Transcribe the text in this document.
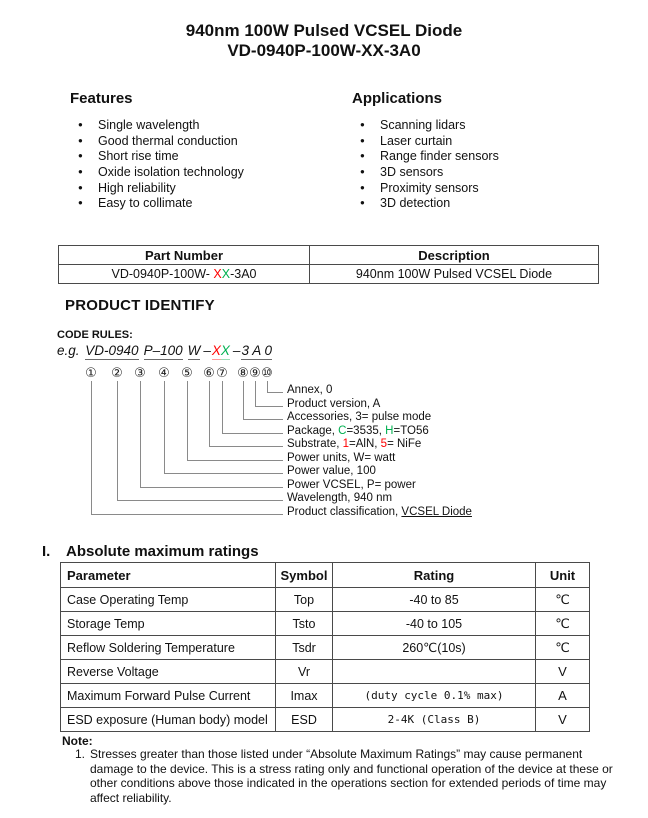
940nm 100W Pulsed VCSEL Diode
VD-0940P-100W-XX-3A0
Features	Applications
●	Single wavelength
●	Good thermal conduction
●	Short rise time
●	Oxide isolation technology
●	High reliability
●	Easy to collimate
●	Scanning lidars
●	Laser curtain
●	Range finder sensors
●	3D sensors
●	Proximity sensors
●	3D detection
Part Number	Description
VD-0940P-100W- XX-3A0	940nm 100W Pulsed VCSEL Diode
PRODUCT IDENTIFY
CODE RULES:
e.g. VD-0940 P–100 W –XX –3 A 0
① ② ③ ④ ⑤ ⑥ ⑦ ⑧ ⑨ ⑩
Annex, 0
Product version, A
Accessories, 3= pulse mode
Package, C=3535, H=TO56
Substrate, 1=AlN, 5= NiFe
Power units, W= watt
Power value, 100
Power VCSEL, P= power
Wavelength, 940 nm
Product classification, VCSEL Diode
I. Absolute maximum ratings
Parameter	Symbol	Rating	Unit
Case Operating Temp	Top	-40 to 85	℃
Storage Temp	Tsto	-40 to 105	℃
Reflow Soldering Temperature	Tsdr	260℃(10s)	℃
Reverse Voltage	Vr		V
Maximum Forward Pulse Current	Imax	(duty cycle 0.1% max)	A
ESD exposure (Human body) model	ESD	2-4K (Class B)	V
Note:
1. Stresses greater than those listed under “Absolute Maximum Ratings” may cause permanent damage to the device. This is a stress rating only and functional operation of the device at these or other conditions above those indicated in the operations section for extended periods of time may affect reliability.
